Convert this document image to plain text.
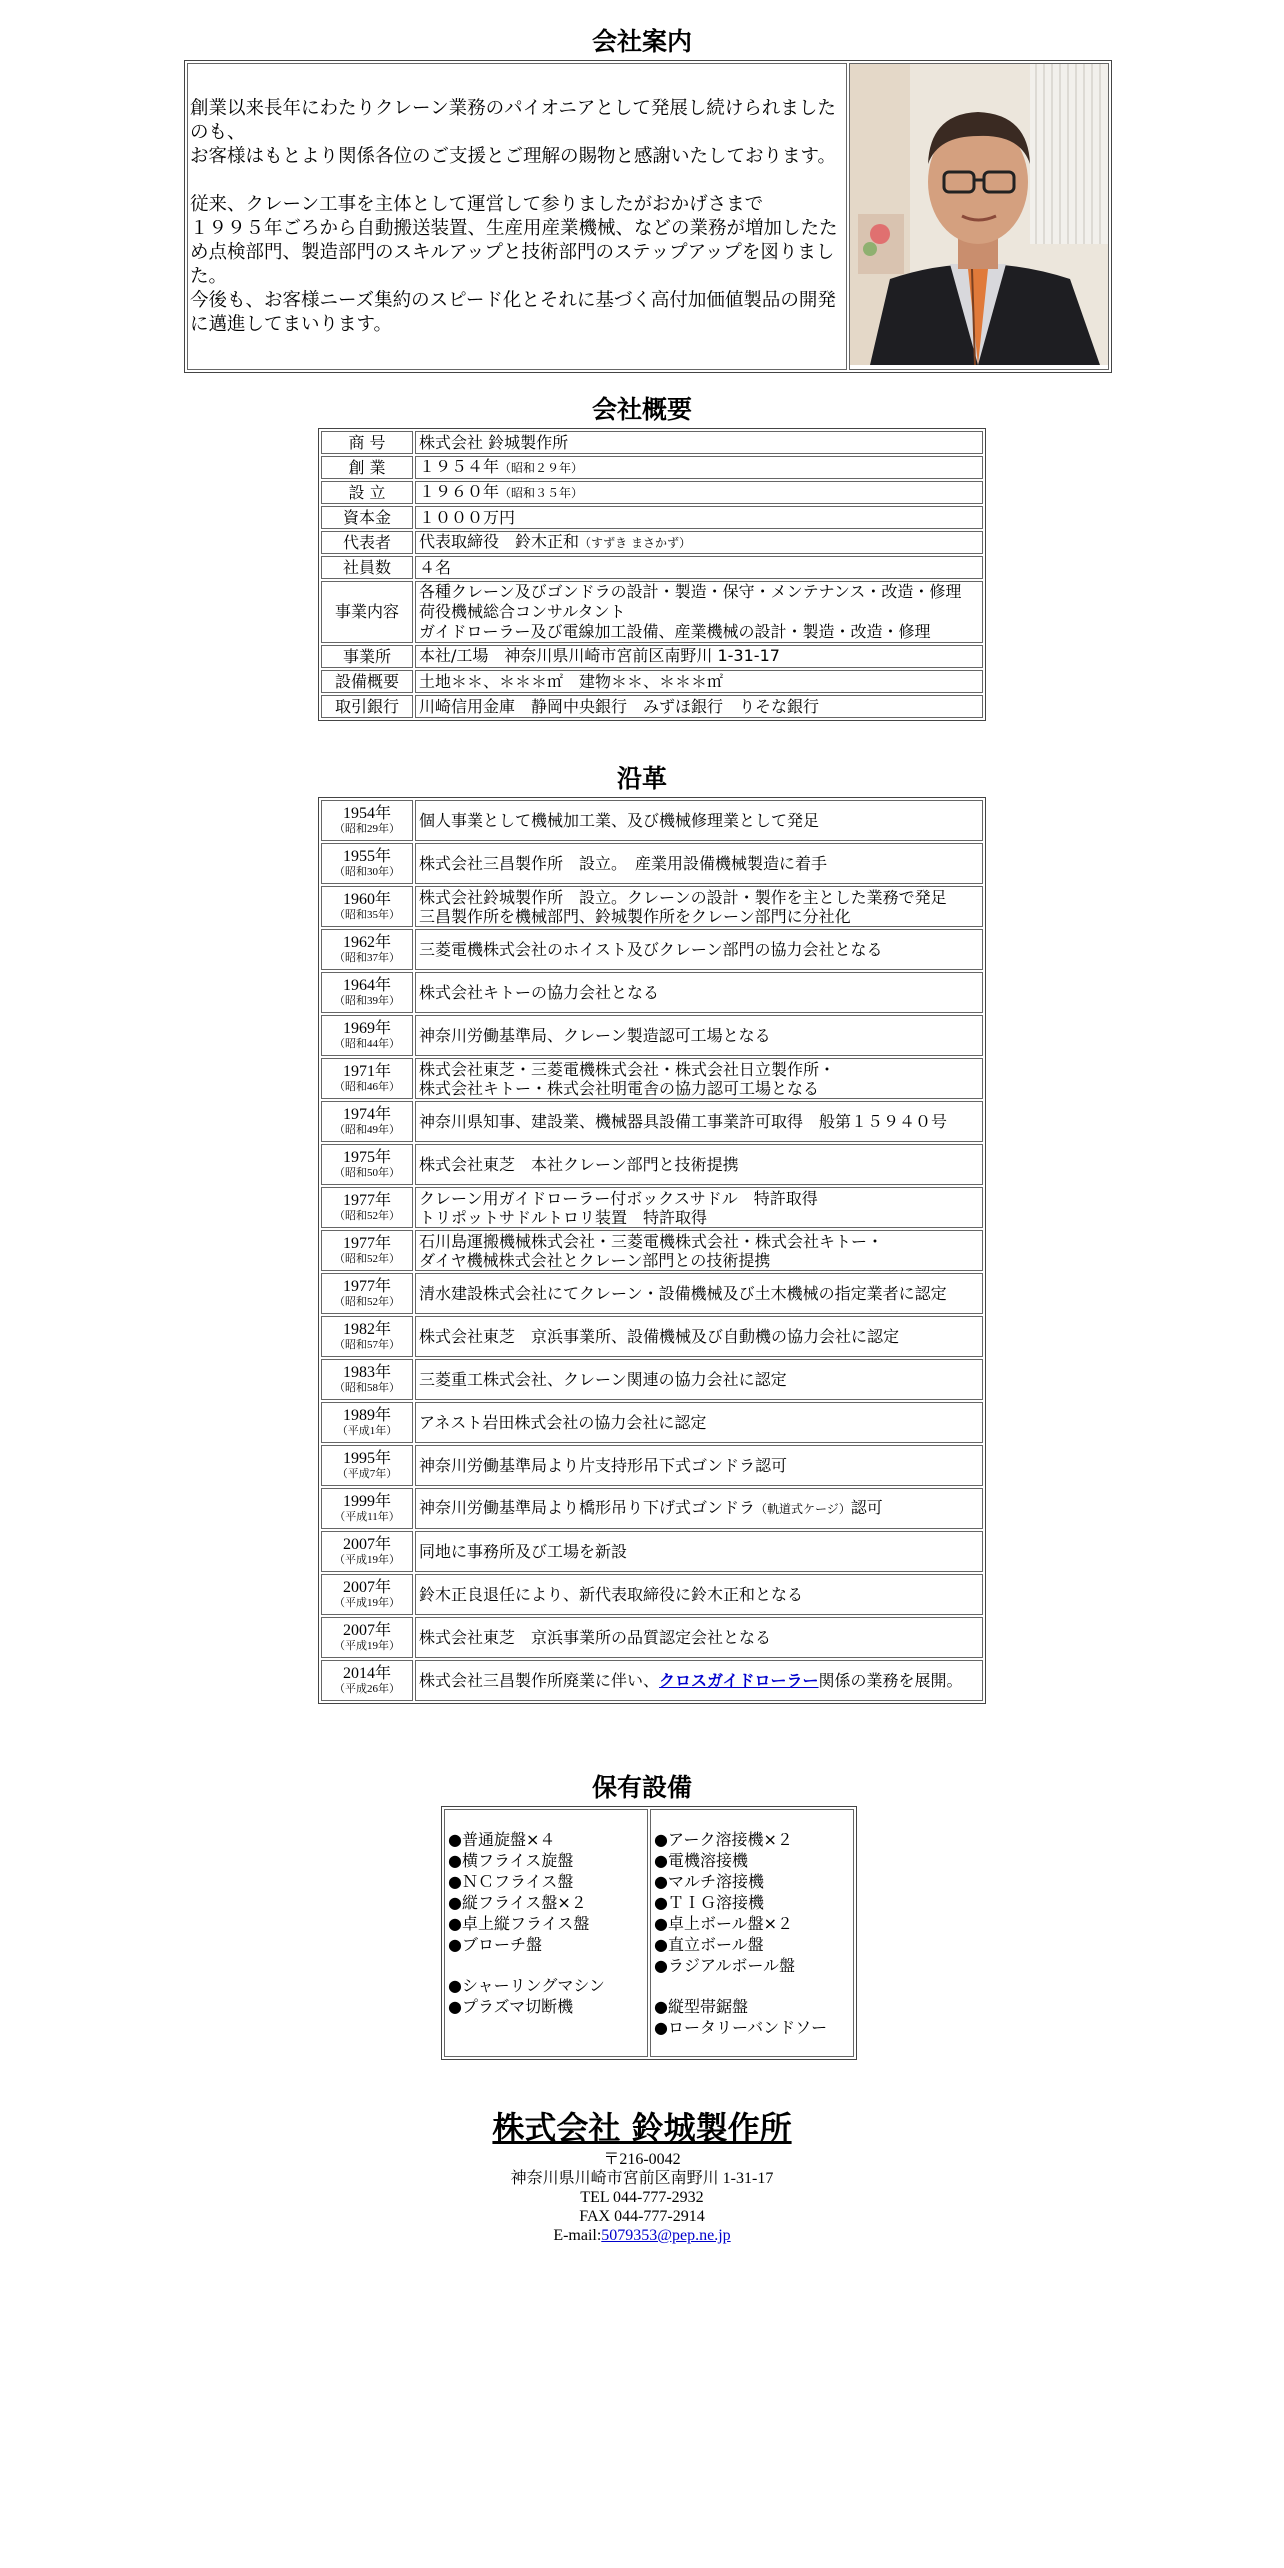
会社案内

創業以来長年にわたりクレーン業務のパイオニアとして発展し続けられましたのも、

お客様はもとより関係各位のご支援とご理解の賜物と感謝いたしております。

従来、クレーン工事を主体として運営して参りましたがおかげさまで

１９９５年ごろから自動搬送装置、生産用産業機械、などの業務が増加したため点検部門、製造部門のスキルアップと技術部門のステップアップを図りました。

今後も、お客様ニーズ集約のスピード化とそれに基づく高付加価値製品の開発に邁進してまいります。

会社概要
商 号	株式会社 鈴城製作所
創 業	１９５４年（昭和２９年）
設 立	１９６０年（昭和３５年）
資本金	１０００万円
代表者	代表取締役　鈴木正和（すずき まさかず）
社員数	４名
事業内容	各種クレーン及びゴンドラの設計・製造・保守・メンテナンス・改造・修理
荷役機械総合コンサルタント
ガイドローラー及び電線加工設備、産業機械の設計・製造・改造・修理

事業所	本社/工場　神奈川県川崎市宮前区南野川 1-31-17
設備概要	土地＊＊、＊＊＊㎡　建物＊＊、＊＊＊㎡
取引銀行	川崎信用金庫　静岡中央銀行　みずほ銀行　りそな銀行
沿革
1954年
（昭和29年）	個人事業として機械加工業、及び機械修理業として発足
1955年
（昭和30年）	株式会社三昌製作所　設立。　産業用設備機械製造に着手
1960年
（昭和35年）	株式会社鈴城製作所　設立。クレーンの設計・製作を主とした業務で発足
三昌製作所を機械部門、鈴城製作所をクレーン部門に分社化
1962年
（昭和37年）	三菱電機株式会社のホイスト及びクレーン部門の協力会社となる
1964年
（昭和39年）	株式会社キトーの協力会社となる
1969年
（昭和44年）	神奈川労働基準局、クレーン製造認可工場となる
1971年
（昭和46年）	株式会社東芝・三菱電機株式会社・株式会社日立製作所・
株式会社キトー・株式会社明電舎の協力認可工場となる
1974年
（昭和49年）	神奈川県知事、建設業、機械器具設備工事業許可取得　般第１５９４０号
1975年
（昭和50年）	株式会社東芝　本社クレーン部門と技術提携
1977年
（昭和52年）	クレーン用ガイドローラー付ボックスサドル　特許取得
トリポットサドルトロリ装置　特許取得
1977年
（昭和52年）	石川島運搬機械株式会社・三菱電機株式会社・株式会社キトー・
ダイヤ機械株式会社とクレーン部門との技術提携
1977年
（昭和52年）	清水建設株式会社にてクレーン・設備機械及び土木機械の指定業者に認定
1982年
（昭和57年）	株式会社東芝　京浜事業所、設備機械及び自動機の協力会社に認定
1983年
（昭和58年）	三菱重工株式会社、クレーン関連の協力会社に認定
1989年
（平成1年）	アネスト岩田株式会社の協力会社に認定
1995年
（平成7年）	神奈川労働基準局より片支持形吊下式ゴンドラ認可
1999年
（平成11年）	神奈川労働基準局より橋形吊り下げ式ゴンドラ（軌道式ケージ）認可
2007年
（平成19年）	同地に事務所及び工場を新設
2007年
（平成19年）	鈴木正良退任により、新代表取締役に鈴木正和となる
2007年
（平成19年）	株式会社東芝　京浜事業所の品質認定会社となる
2014年
（平成26年）	株式会社三昌製作所廃業に伴い、クロスガイドローラー関係の業務を展開。
保有設備
●普通旋盤×４
●横フライス旋盤
●ＮＣフライス盤
●縦フライス盤×２
●卓上縦フライス盤
●ブローチ盤
●シャーリングマシン
●プラズマ切断機

●アーク溶接機×２
●電機溶接機
●マルチ溶接機
●ＴＩＧ溶接機
●卓上ボール盤×２
●直立ボール盤
●ラジアルボール盤
●縦型帯鋸盤
●ロータリーバンドソー
株式会社 鈴城製作所
〒216-0042
神奈川県川崎市宮前区南野川 1-31-17
TEL 044-777-2932
FAX 044-777-2914
E-mail:5079353@pep.ne.jp
